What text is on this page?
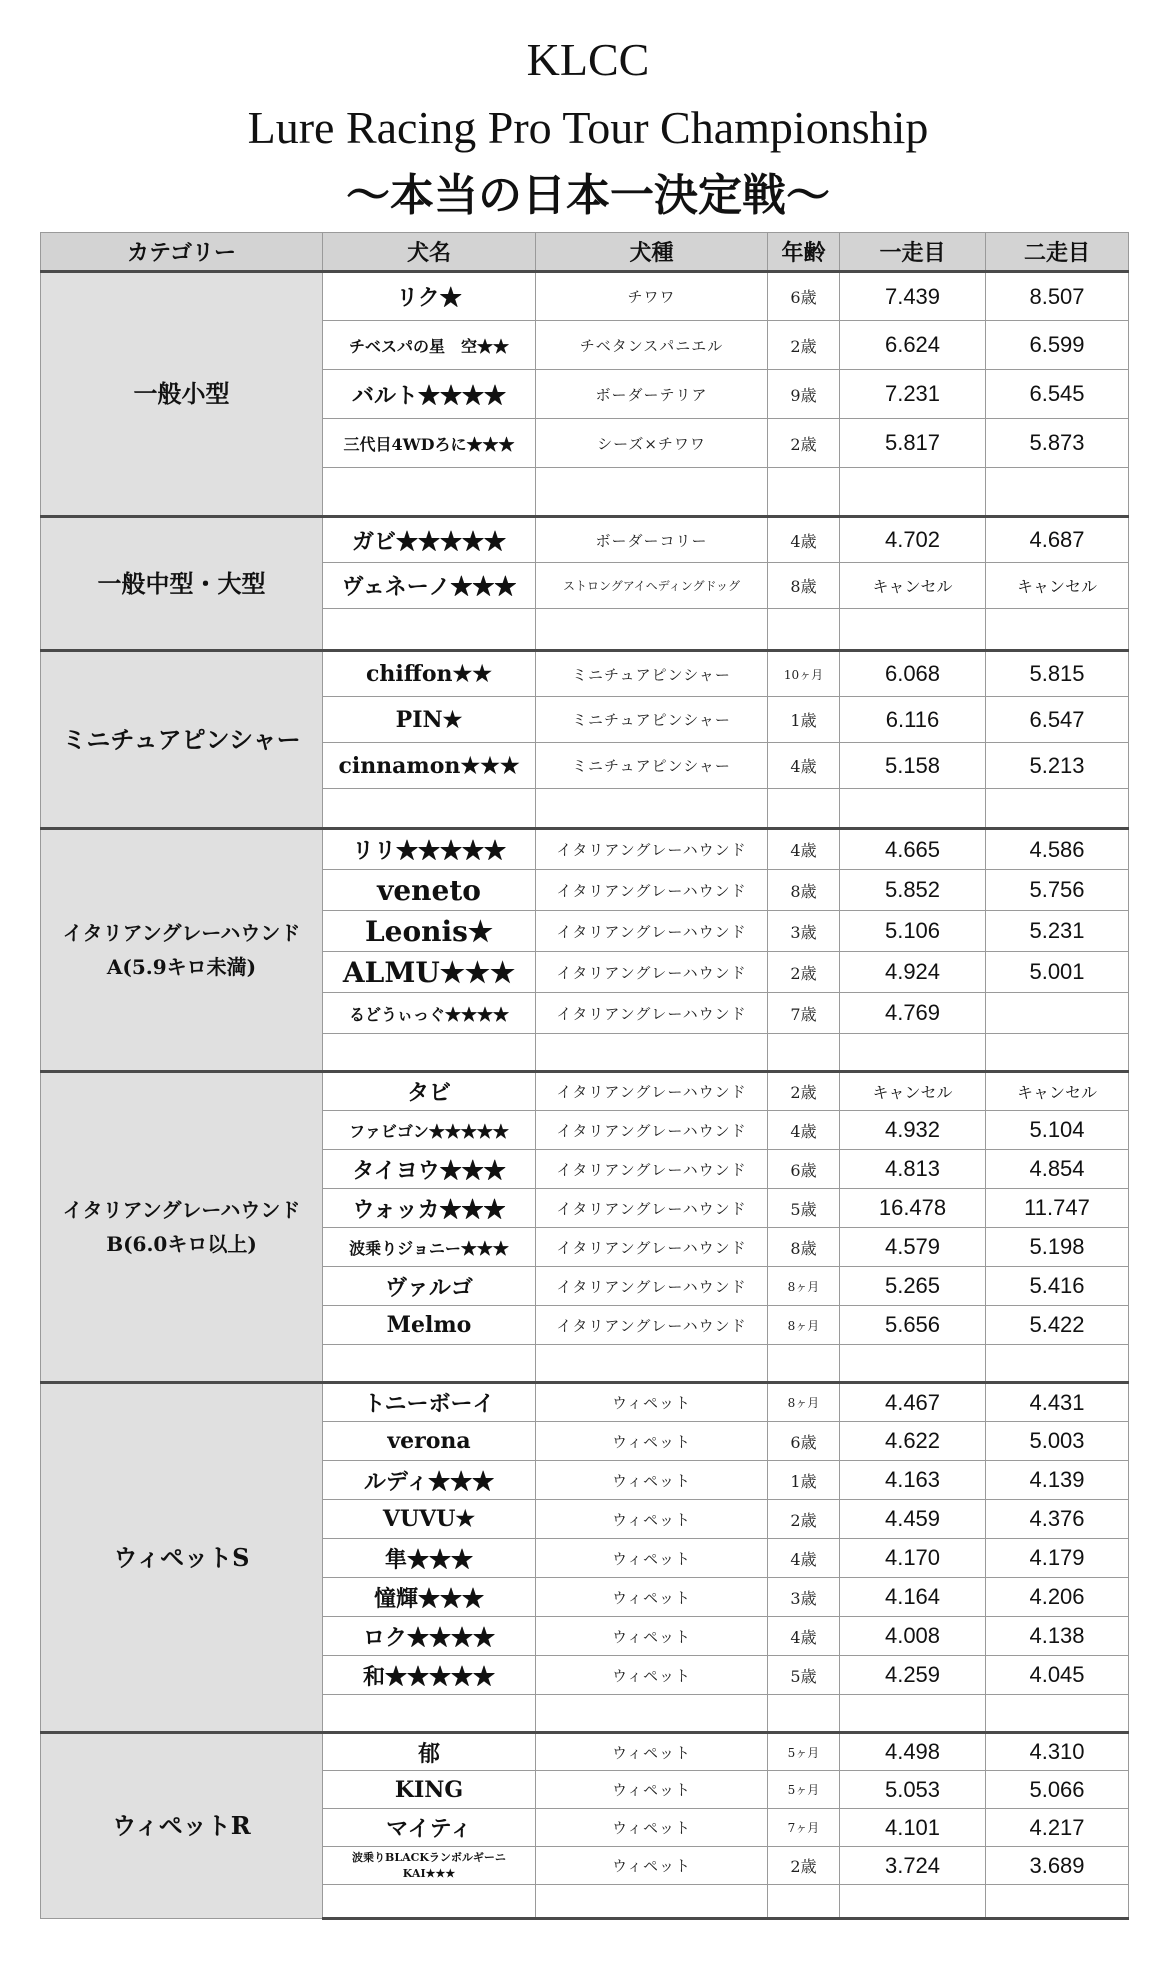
KLCC
Lure Racing Pro Tour Championship
〜本当の日本一決定戦〜
カテゴリー	犬名	犬種	年齢	一走目	二走目
一般小型	リク★	チワワ	6歳	7.439	8.507
	チベスパの星　空★★	チベタンスパニエル	2歳	6.624	6.599
	バルト★★★★	ボーダーテリア	9歳	7.231	6.545
	三代目4WDろに★★★	シーズ×チワワ	2歳	5.817	5.873

一般中型・大型	ガビ★★★★★	ボーダーコリー	4歳	4.702	4.687
	ヴェネーノ★★★	ストロングアイヘディングドッグ	8歳	キャンセル	キャンセル

ミニチュアピンシャー	chiffon★★	ミニチュアピンシャー	10ヶ月	6.068	5.815
	PIN★	ミニチュアピンシャー	1歳	6.116	6.547
	cinnamon★★★	ミニチュアピンシャー	4歳	5.158	5.213

イタリアングレーハウンド
A(5.9キロ未満)	リリ★★★★★	イタリアングレーハウンド	4歳	4.665	4.586
	veneto	イタリアングレーハウンド	8歳	5.852	5.756
	Leonis★	イタリアングレーハウンド	3歳	5.106	5.231
	ALMU★★★	イタリアングレーハウンド	2歳	4.924	5.001
	るどうぃっぐ★★★★	イタリアングレーハウンド	7歳	4.769	

イタリアングレーハウンド
B(6.0キロ以上)	タビ	イタリアングレーハウンド	2歳	キャンセル	キャンセル
	ファビゴン★★★★★	イタリアングレーハウンド	4歳	4.932	5.104
	タイヨウ★★★	イタリアングレーハウンド	6歳	4.813	4.854
	ウォッカ★★★	イタリアングレーハウンド	5歳	16.478	11.747
	波乗りジョニー★★★	イタリアングレーハウンド	8歳	4.579	5.198
	ヴァルゴ	イタリアングレーハウンド	8ヶ月	5.265	5.416
	Melmo	イタリアングレーハウンド	8ヶ月	5.656	5.422

ウィペットS	トニーボーイ	ウィペット	8ヶ月	4.467	4.431
	verona	ウィペット	6歳	4.622	5.003
	ルディ★★★	ウィペット	1歳	4.163	4.139
	VUVU★	ウィペット	2歳	4.459	4.376
	隼★★★	ウィペット	4歳	4.170	4.179
	憧輝★★★	ウィペット	3歳	4.164	4.206
	ロク★★★★	ウィペット	4歳	4.008	4.138
	和★★★★★	ウィペット	5歳	4.259	4.045

ウィペットR	郁	ウィペット	5ヶ月	4.498	4.310
	KING	ウィペット	5ヶ月	5.053	5.066
	マイティ	ウィペット	7ヶ月	4.101	4.217
	波乗りBLACKランボルギーニ
KAI★★★	ウィペット	2歳	3.724	3.689
